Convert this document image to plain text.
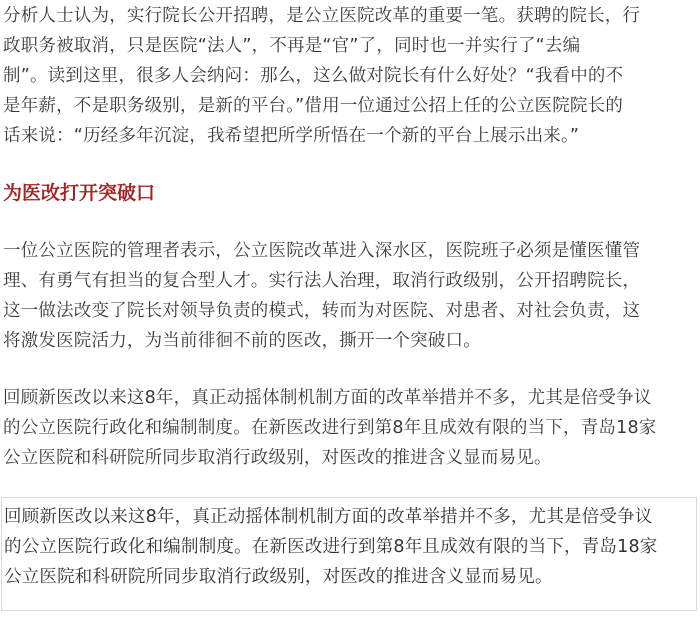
分析人士认为，实行院长公开招聘，是公立医院改革的重要一笔。获聘的院长，行
政职务被取消，只是医院“法人”，不再是“官”了，同时也一并实行了“去编
制”。读到这里，很多人会纳闷：那么，这么做对院长有什么好处？“我看中的不
是年薪，不是职务级别，是新的平台。”借用一位通过公招上任的公立医院院长的
话来说：“历经多年沉淀，我希望把所学所悟在一个新的平台上展示出来。”
为医改打开突破口
一位公立医院的管理者表示，公立医院改革进入深水区，医院班子必须是懂医懂管
理、有勇气有担当的复合型人才。实行法人治理，取消行政级别，公开招聘院长，
这一做法改变了院长对领导负责的模式，转而为对医院、对患者、对社会负责，这
将激发医院活力，为当前徘徊不前的医改，撕开一个突破口。
回顾新医改以来这8年，真正动摇体制机制方面的改革举措并不多，尤其是倍受争议
的公立医院行政化和编制制度。在新医改进行到第8年且成效有限的当下，青岛18家
公立医院和科研院所同步取消行政级别，对医改的推进含义显而易见。
回顾新医改以来这8年，真正动摇体制机制方面的改革举措并不多，尤其是倍受争议
的公立医院行政化和编制制度。在新医改进行到第8年且成效有限的当下，青岛18家
公立医院和科研院所同步取消行政级别，对医改的推进含义显而易见。
